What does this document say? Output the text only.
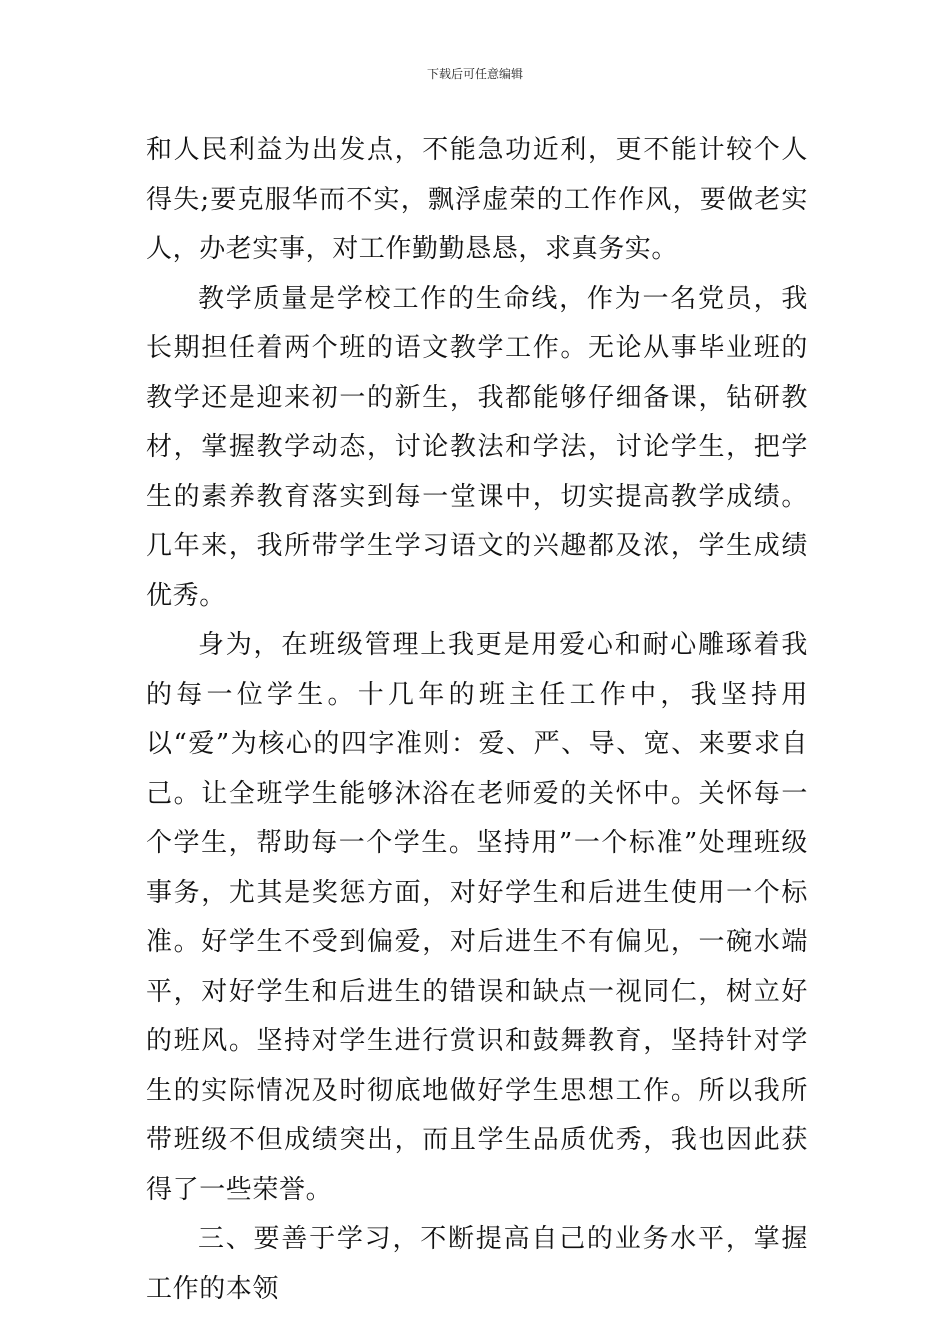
下载后可任意编辑

和人民利益为出发点，不能急功近利，更不能计较个人得失;要克服华而不实，飘浮虚荣的工作作风，要做老实人，办老实事，对工作勤勤恳恳，求真务实。

教学质量是学校工作的生命线，作为一名党员，我长期担任着两个班的语文教学工作。无论从事毕业班的教学还是迎来初一的新生，我都能够仔细备课，钻研教材，掌握教学动态，讨论教法和学法，讨论学生，把学生的素养教育落实到每一堂课中，切实提高教学成绩。几年来，我所带学生学习语文的兴趣都及浓，学生成绩优秀。

身为，在班级管理上我更是用爱心和耐心雕琢着我的每一位学生。十几年的班主任工作中，我坚持用以“爱”为核心的四字准则：爱、严、导、宽、来要求自己。让全班学生能够沐浴在老师爱的关怀中。关怀每一个学生，帮助每一个学生。坚持用”一个标准”处理班级事务，尤其是奖惩方面，对好学生和后进生使用一个标准。好学生不受到偏爱，对后进生不有偏见，一碗水端平，对好学生和后进生的错误和缺点一视同仁，树立好的班风。坚持对学生进行赏识和鼓舞教育，坚持针对学生的实际情况及时彻底地做好学生思想工作。所以我所带班级不但成绩突出，而且学生品质优秀，我也因此获得了一些荣誉。

三、要善于学习，不断提高自己的业务水平，掌握工作的本领
